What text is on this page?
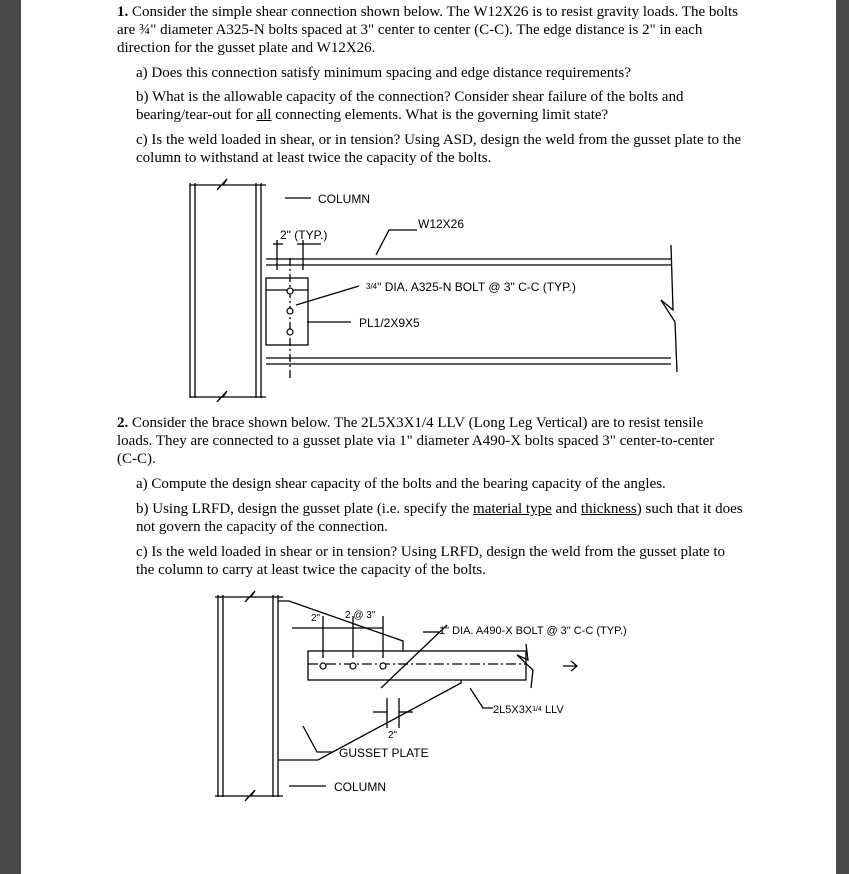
1. Consider the simple shear connection shown below. The W12X26 is to resist gravity loads. The bolts are ¾" diameter A325-N bolts spaced at 3" center to center (C-C). The edge distance is 2" in each direction for the gusset plate and W12X26.
a) Does this connection satisfy minimum spacing and edge distance requirements?
b) What is the allowable capacity of the connection? Consider shear failure of the bolts and bearing/tear-out for all connecting elements. What is the governing limit state?
c) Is the weld loaded in shear, or in tension? Using ASD, design the weld from the gusset plate to the column to withstand at least twice the capacity of the bolts.
COLUMN
W12X26
2" (TYP.)
3/4" DIA. A325-N BOLT @ 3" C-C (TYP.)
PL1/2X9X5
2. Consider the brace shown below. The 2L5X3X1/4 LLV (Long Leg Vertical) are to resist tensile loads. They are connected to a gusset plate via 1" diameter A490-X bolts spaced 3" center-to-center (C-C).
a) Compute the design shear capacity of the bolts and the bearing capacity of the angles.
b) Using LRFD, design the gusset plate (i.e. specify the material type and thickness) such that it does not govern the capacity of the connection.
c) Is the weld loaded in shear or in tension? Using LRFD, design the weld from the gusset plate to the column to carry at least twice the capacity of the bolts.
2" 2 @ 3"
1" DIA. A490-X BOLT @ 3" C-C (TYP.)
2L5X3X1/4 LLV
2"
GUSSET PLATE
COLUMN
